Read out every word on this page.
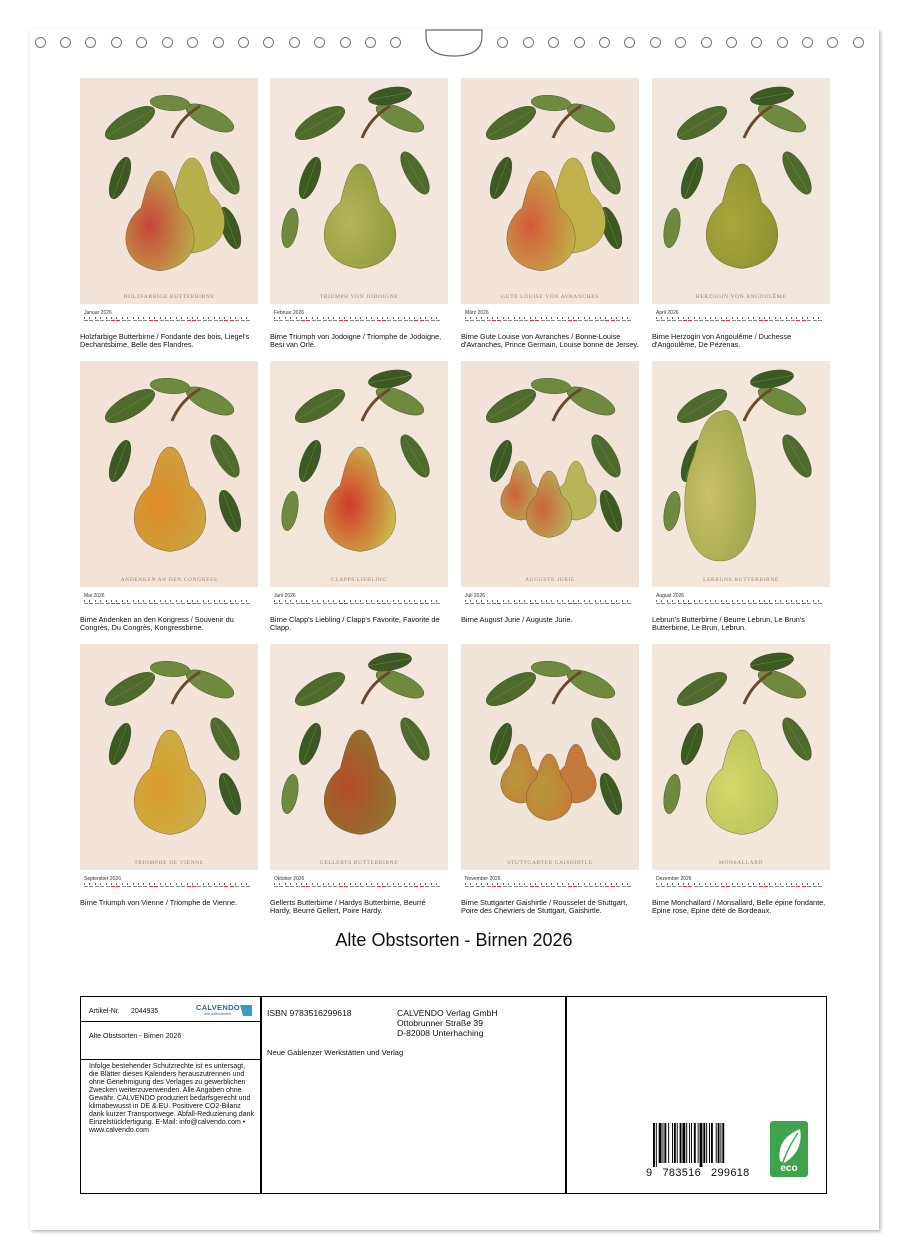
HOLZFARBIGE BUTTERBIRNE
Januar 2026
Holzfarbige Butterbirne / Fondante des bois, Liegel's Dechantsbirne, Belle des Flandres.
TRIUMPH VON JODOIGNE
Februar 2026
Birne Triumph von Jodoigne / Triomphe de Jodoigne, Besi van Orlé.
GUTE LOUISE VON AVRANCHES
März 2026
Birne Gute Louise von Avranches / Bonne-Louise d'Avranches, Prince Germain, Louise bonne de Jersey.
HERZOGIN VON ANGOULÊME
April 2026
Birne Herzogin von Angoulême / Duchesse d'Angoulême, De Pézenas.
ANDENKEN AN DEN CONGRESS
Mai 2026
Birne Andenken an den Kongress / Souvenir du Congrès, Du Congrès, Kongressbirne.
CLAPPS LIEBLING
Juni 2026
Birne Clapp's Liebling / Clapp's Favorite, Favorite de Clapp.
AUGUSTE JURIE
Juli 2026
Birne August Jurie / Auguste Jurie.
LEBRUNS BUTTERBIRNE
August 2026
Lebrun's Butterbirne / Beurre Lebrun, Le Brun's Butterbirne, Le Brun, Lebrun.
TRIOMPHE DE VIENNE
September 2026
Birne Triumph von Vienne / Triomphe de Vienne.
GELLERTS BUTTERBIRNE
Oktober 2026
Gellerts Butterbirne / Hardys Butterbirne, Beurré Hardy, Beurré Gellert, Poire Hardy.
STUTTGARTER GAISHIRTLE
November 2026
Birne Stuttgarter Gaishirtle / Rousselet de Stuttgart, Poire des Chevriers de Stuttgart, Gaishirtle.
MONSALLARD
Dezember 2026
Birne Monchallard / Monsallard, Belle épine fondante, Epine rose, Epine dété de Bordeaux.
Alte Obstsorten - Birnen 2026
Artikel-Nr. 2044935	CALVENDO
Ihre Kalenderwelt
Alte Obstsorten - Birnen 2026
Infolge bestehender Schutzrechte ist es untersagt, die Blätter dieses Kalenders herauszutrennen und ohne Genehmigung des Verlages zu gewerblichen Zwecken weiterzuverwenden. Alle Angaben ohne Gewähr. CALVENDO produziert bedarfsgerecht und klimabewusst in DE & EU. Positivere CO2-Bilanz dank kurzer Transportwege. Abfall-Reduzierung dank Einzelstückfertigung. E-Mail: info@calvendo.com • www.calvendo.com
ISBN 9783516299618	CALVENDO Verlag GmbH
Ottobrunner Straße 39
D-82008 Unterhaching
Neue Gablenzer Werkstätten und Verlag
9   783516   299618	eco
